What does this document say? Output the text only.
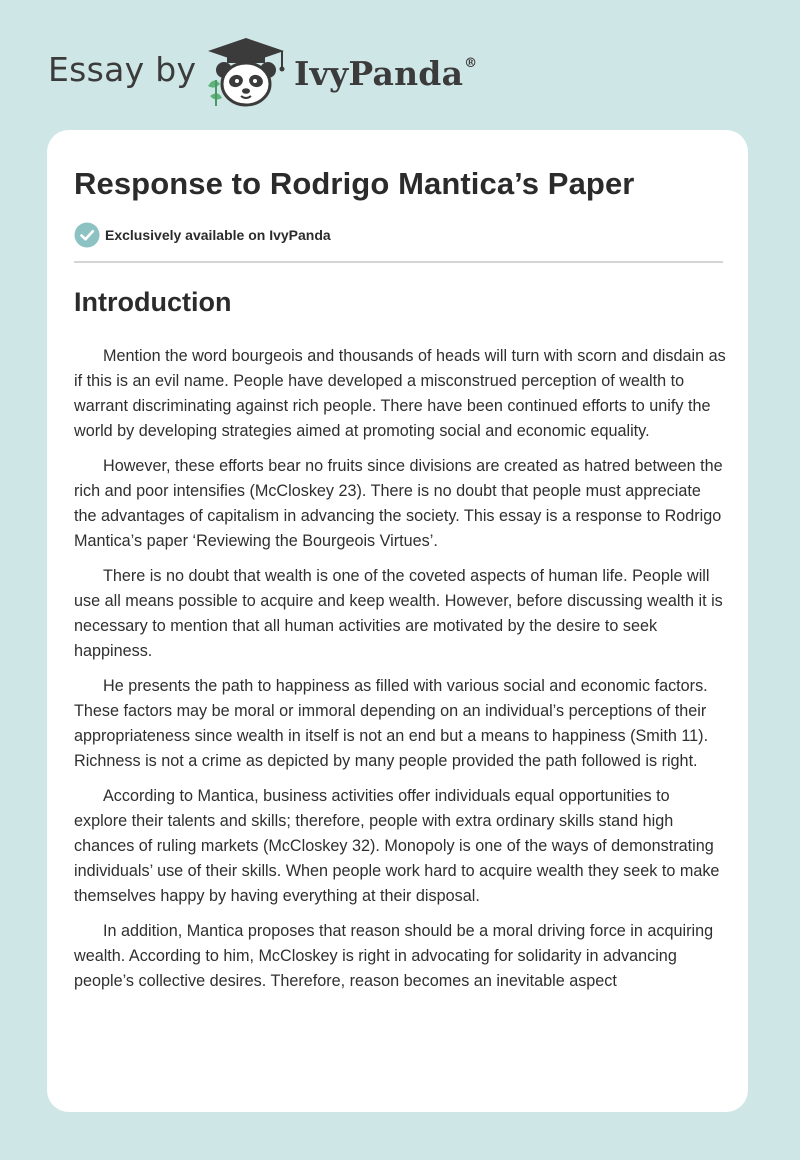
Essay by	IvyPanda®
Response to Rodrigo Mantica’s Paper
Exclusively available on IvyPanda
Introduction

Mention the word bourgeois and thousands of heads will turn with scorn and disdain as if this is an evil name. People have developed a misconstrued perception of wealth to warrant discriminating against rich people. There have been continued efforts to unify the world by developing strategies aimed at promoting social and economic equality.

However, these efforts bear no fruits since divisions are created as hatred between the rich and poor intensifies (McCloskey 23). There is no doubt that people must appreciate the advantages of capitalism in advancing the society. This essay is a response to Rodrigo Mantica’s paper ‘Reviewing the Bourgeois Virtues’.

There is no doubt that wealth is one of the coveted aspects of human life. People will use all means possible to acquire and keep wealth. However, before discussing wealth it is necessary to mention that all human activities are motivated by the desire to seek happiness.

He presents the path to happiness as filled with various social and economic factors. These factors may be moral or immoral depending on an individual’s perceptions of their appropriateness since wealth in itself is not an end but a means to happiness (Smith 11). Richness is not a crime as depicted by many people provided the path followed is right.

According to Mantica, business activities offer individuals equal opportunities to explore their talents and skills; therefore, people with extra ordinary skills stand high chances of ruling markets (McCloskey 32). Monopoly is one of the ways of demonstrating individuals’ use of their skills. When people work hard to acquire wealth they seek to make themselves happy by having everything at their disposal.

In addition, Mantica proposes that reason should be a moral driving force in acquiring wealth. According to him, McCloskey is right in advocating for solidarity in advancing people’s collective desires. Therefore, reason becomes an inevitable aspect
